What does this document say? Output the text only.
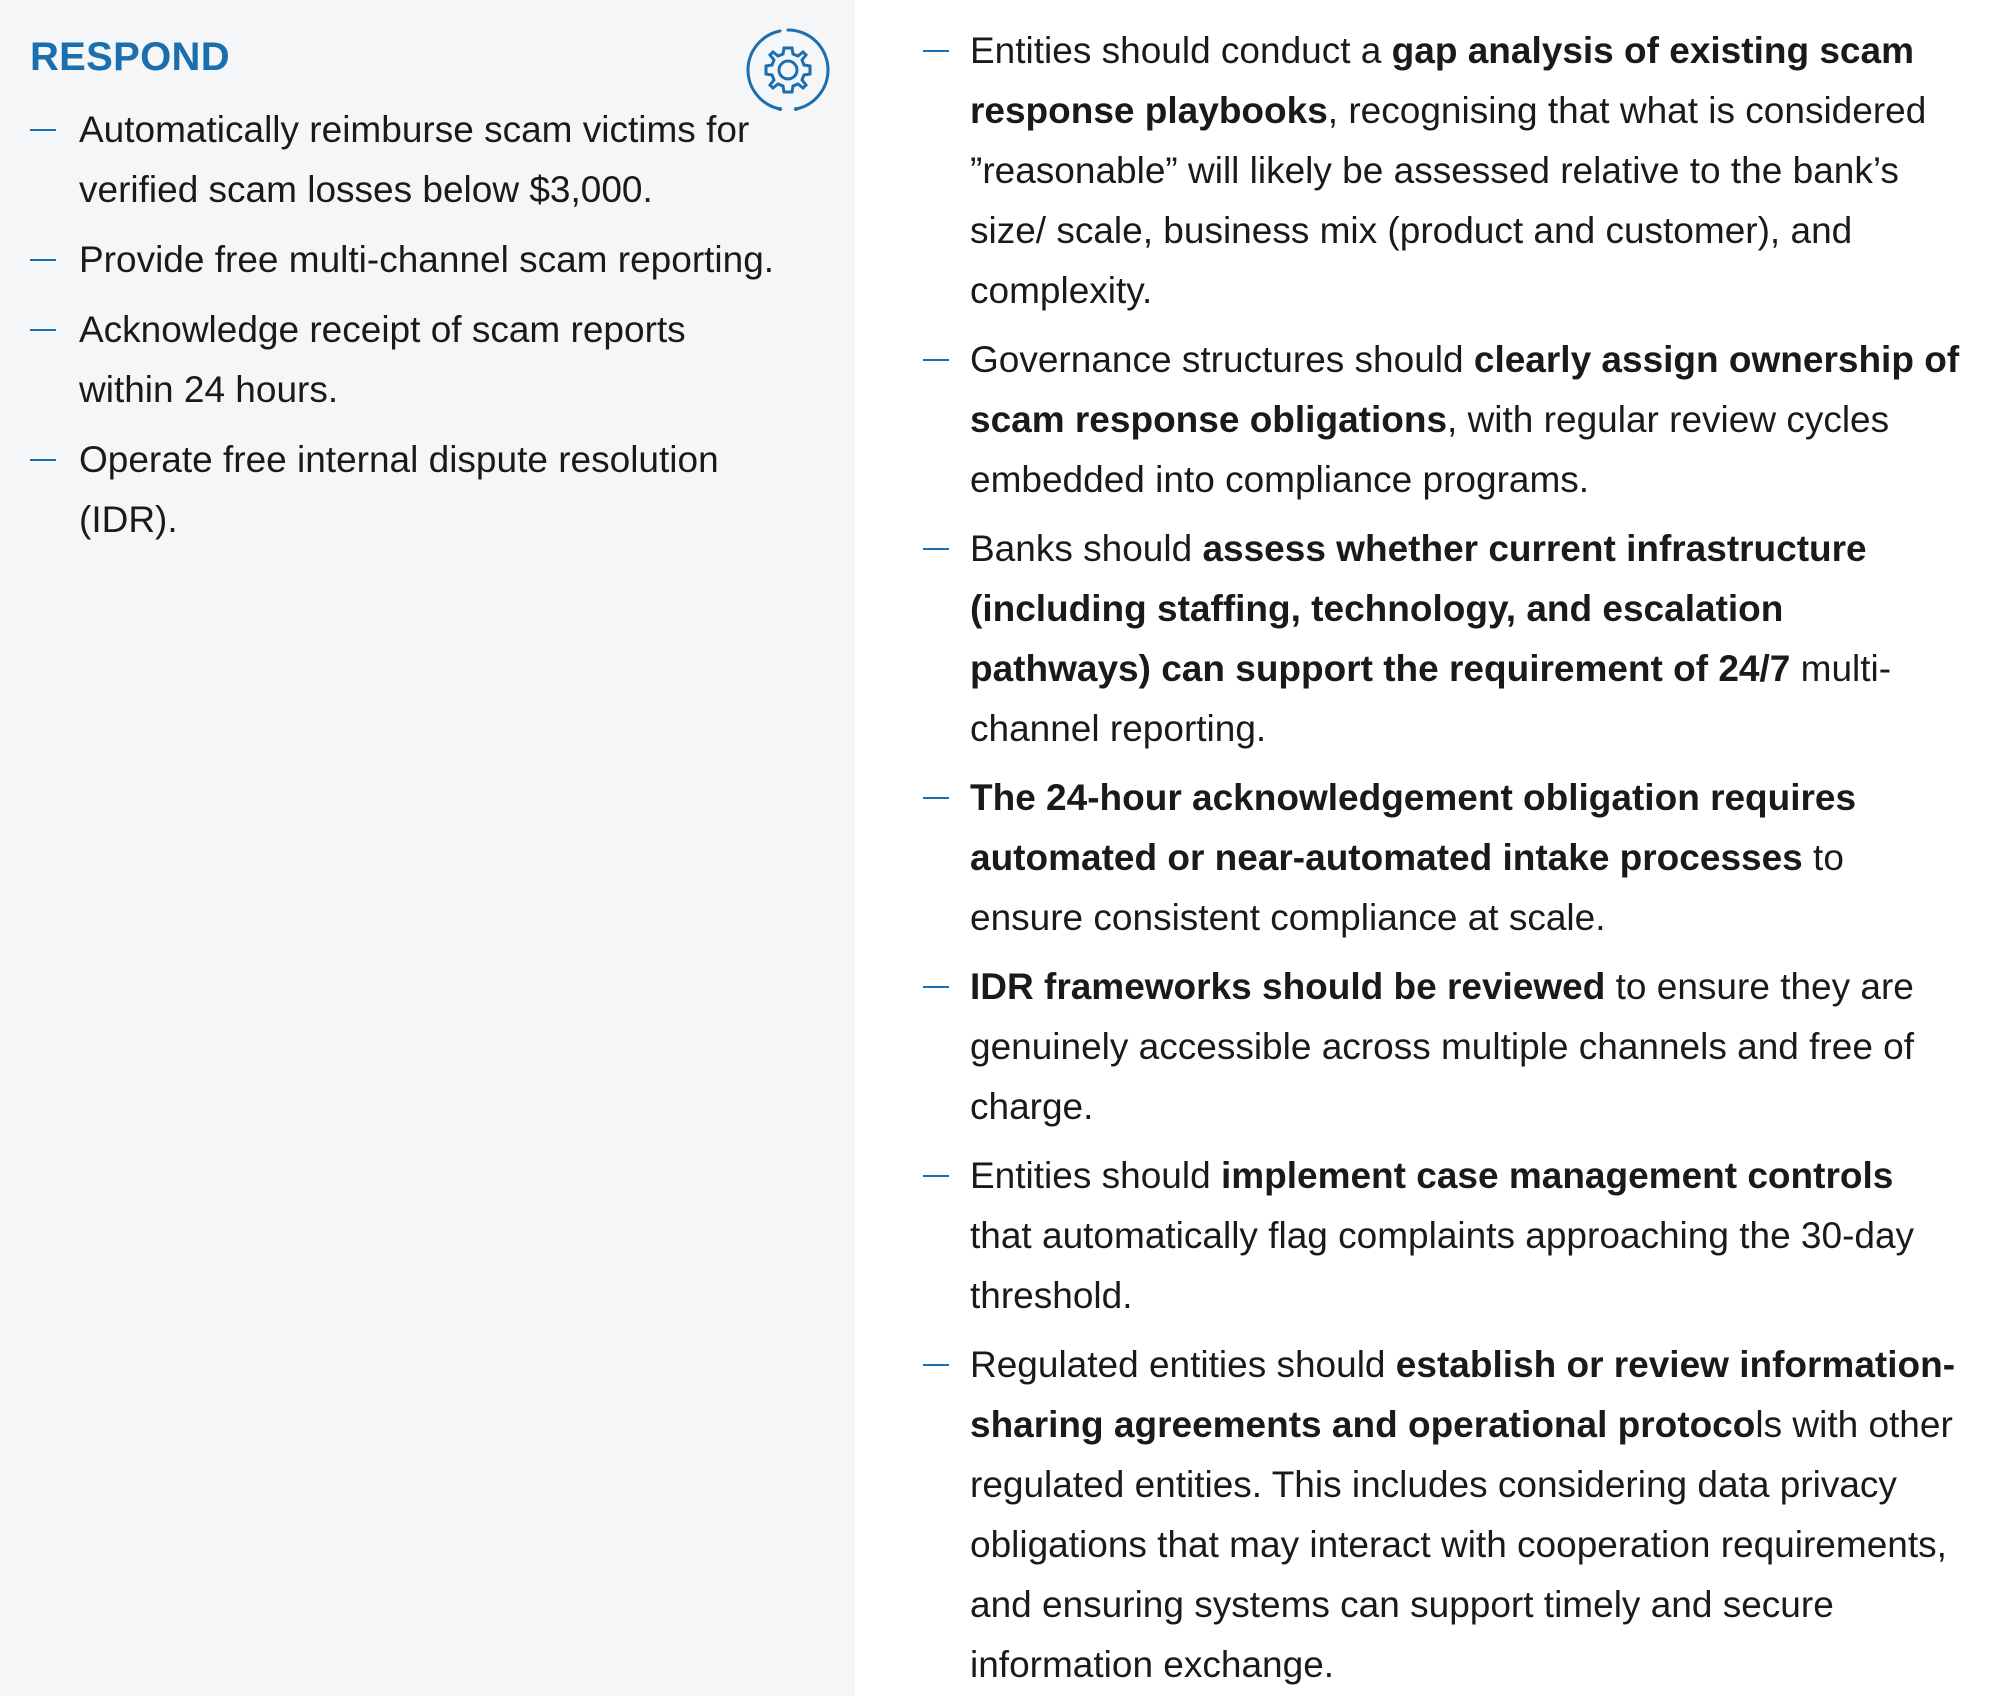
RESPOND
Automatically reimburse scam victims for verified scam losses below $3,000.
Provide free multi-channel scam reporting.
Acknowledge receipt of scam reports within 24 hours.
Operate free internal dispute resolution (IDR).
Entities should conduct a gap analysis of existing scam response playbooks, recognising that what is considered ”reasonable” will likely be assessed relative to the bank’s size/ scale, business mix (product and customer), and complexity.
Governance structures should clearly assign ownership of scam response obligations, with regular review cycles embedded into compliance programs.
Banks should assess whether current infrastructure (including staffing, technology, and escalation pathways) can support the requirement of 24/7 multi-channel reporting.
The 24-hour acknowledgement obligation requires automated or near-automated intake processes to ensure consistent compliance at scale.
IDR frameworks should be reviewed to ensure they are genuinely accessible across multiple channels and free of charge.
Entities should implement case management controls that automatically flag complaints approaching the 30-day threshold.
Regulated entities should establish or review information-sharing agreements and operational protocols with other regulated entities. This includes considering data privacy obligations that may interact with cooperation requirements, and ensuring systems can support timely and secure information exchange.
